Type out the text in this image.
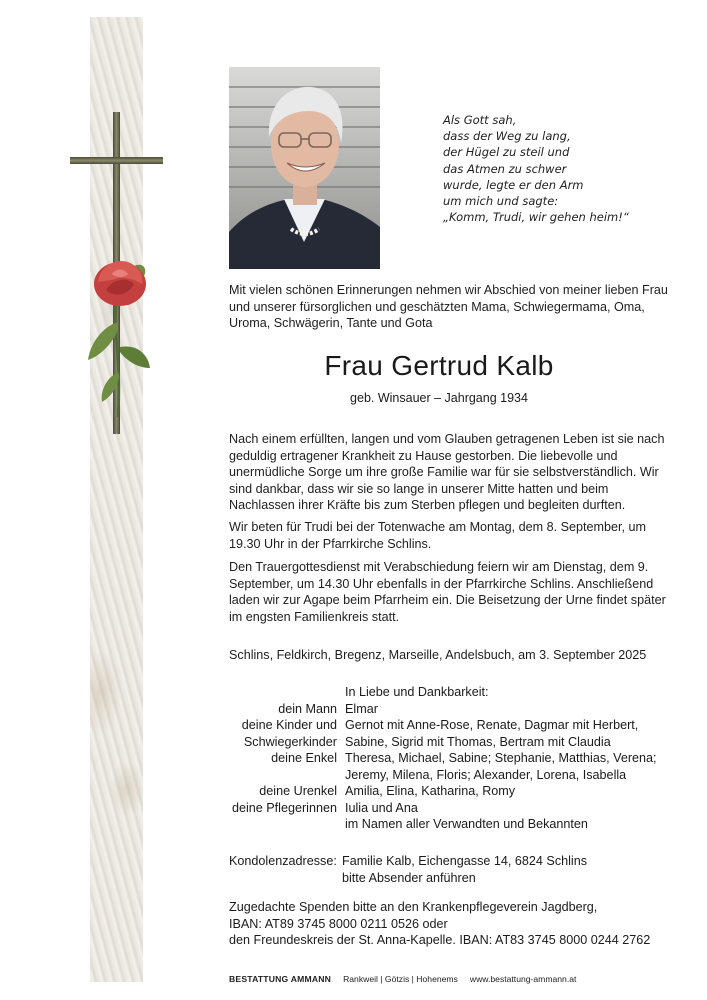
Als Gott sah,
dass der Weg zu lang,
der Hügel zu steil und
das Atmen zu schwer
wurde, legte er den Arm
um mich und sagte:
„Komm, Trudi, wir gehen heim!“
Mit vielen schönen Erinnerungen nehmen wir Abschied von meiner lieben Frau und unserer fürsorglichen und geschätzten Mama, Schwiegermama, Oma, Uroma, Schwägerin, Tante und Gota
Frau Gertrud Kalb
geb. Winsauer – Jahrgang 1934
Nach einem erfüllten, langen und vom Glauben getragenen Leben ist sie nach geduldig ertragener Krankheit zu Hause gestorben. Die liebevolle und unermüdliche Sorge um ihre große Familie war für sie selbstverständlich. Wir sind dankbar, dass wir sie so lange in unserer Mitte hatten und beim Nachlassen ihrer Kräfte bis zum Sterben pflegen und begleiten durften.
Wir beten für Trudi bei der Totenwache am Montag, dem 8. September, um 19.30 Uhr in der Pfarrkirche Schlins.
Den Trauergottesdienst mit Verabschiedung feiern wir am Dienstag, dem 9. September, um 14.30 Uhr ebenfalls in der Pfarrkirche Schlins. Anschließend laden wir zur Agape beim Pfarrheim ein. Die Beisetzung der Urne findet später im engsten Familienkreis statt.
Schlins, Feldkirch, Bregenz, Marseille, Andelsbuch, am 3. September 2025
In Liebe und Dankbarkeit:
dein Mann Elmar
deine Kinder und Gernot mit Anne-Rose, Renate, Dagmar mit Herbert,
Schwiegerkinder Sabine, Sigrid mit Thomas, Bertram mit Claudia
deine Enkel Theresa, Michael, Sabine; Stephanie, Matthias, Verena;
Jeremy, Milena, Floris; Alexander, Lorena, Isabella
deine Urenkel Amilia, Elina, Katharina, Romy
deine Pflegerinnen Iulia und Ana
im Namen aller Verwandten und Bekannten
Kondolenzadresse: Familie Kalb, Eichengasse 14, 6824 Schlins
bitte Absender anführen
Zugedachte Spenden bitte an den Krankenpflegeverein Jagdberg,
IBAN: AT89 3745 8000 0211 0526 oder
den Freundeskreis der St. Anna-Kapelle. IBAN: AT83 3745 8000 0244 2762
BESTATTUNG AMMANN Rankweil | Götzis | Hohenems www.bestattung-ammann.at
